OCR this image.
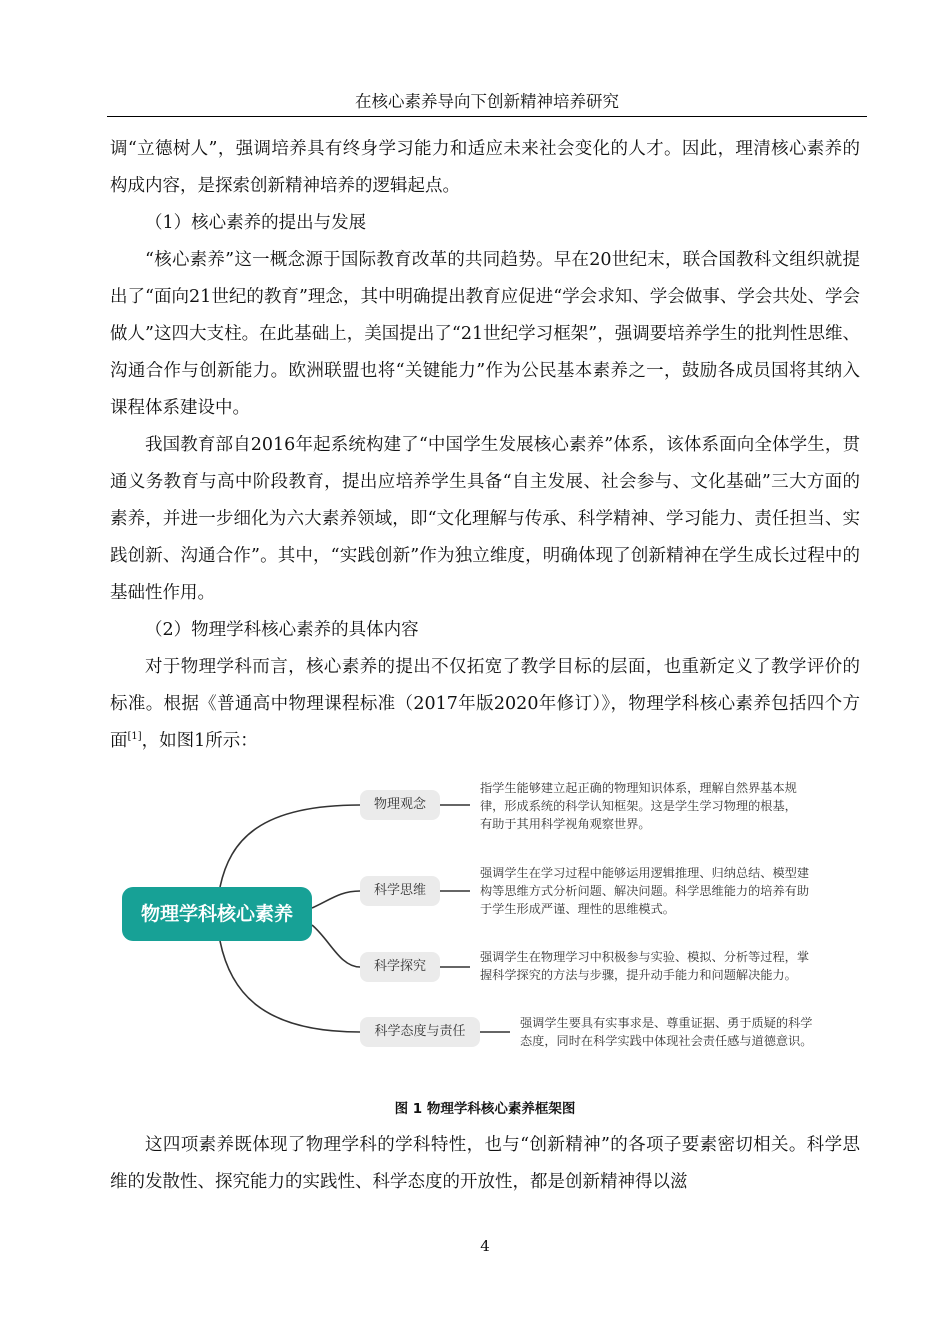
在核心素养导向下创新精神培养研究

调“立德树人”，强调培养具有终身学习能力和适应未来社会变化的人才。因此，理清核心素养的构成内容，是探索创新精神培养的逻辑起点。

（1）核心素养的提出与发展

“核心素养”这一概念源于国际教育改革的共同趋势。早在20世纪末，联合国教科文组织就提出了“面向21世纪的教育”理念，其中明确提出教育应促进“学会求知、学会做事、学会共处、学会做人”这四大支柱。在此基础上，美国提出了“21世纪学习框架”，强调要培养学生的批判性思维、沟通合作与创新能力。欧洲联盟也将“关键能力”作为公民基本素养之一，鼓励各成员国将其纳入课程体系建设中。

我国教育部自2016年起系统构建了“中国学生发展核心素养”体系，该体系面向全体学生，贯通义务教育与高中阶段教育，提出应培养学生具备“自主发展、社会参与、文化基础”三大方面的素养，并进一步细化为六大素养领域，即“文化理解与传承、科学精神、学习能力、责任担当、实践创新、沟通合作”。其中，“实践创新”作为独立维度，明确体现了创新精神在学生成长过程中的基础性作用。

（2）物理学科核心素养的具体内容

对于物理学科而言，核心素养的提出不仅拓宽了教学目标的层面，也重新定义了教学评价的标准。根据《普通高中物理课程标准（2017年版2020年修订）》，物理学科核心素养包括四个方面[1]，如图1所示：

物理学科核心素养
物理观念
科学思维
科学探究
科学态度与责任
指学生能够建立起正确的物理知识体系，理解自然界基本规
律，形成系统的科学认知框架。这是学生学习物理的根基，
有助于其用科学视角观察世界。
强调学生在学习过程中能够运用逻辑推理、归纳总结、模型建
构等思维方式分析问题、解决问题。科学思维能力的培养有助
于学生形成严谨、理性的思维模式。
强调学生在物理学习中积极参与实验、模拟、分析等过程，掌
握科学探究的方法与步骤，提升动手能力和问题解决能力。
强调学生要具有实事求是、尊重证据、勇于质疑的科学
态度，同时在科学实践中体现社会责任感与道德意识。
图 1 物理学科核心素养框架图

这四项素养既体现了物理学科的学科特性，也与“创新精神”的各项子要素密切相关。科学思维的发散性、探究能力的实践性、科学态度的开放性，都是创新精神得以滋

4
